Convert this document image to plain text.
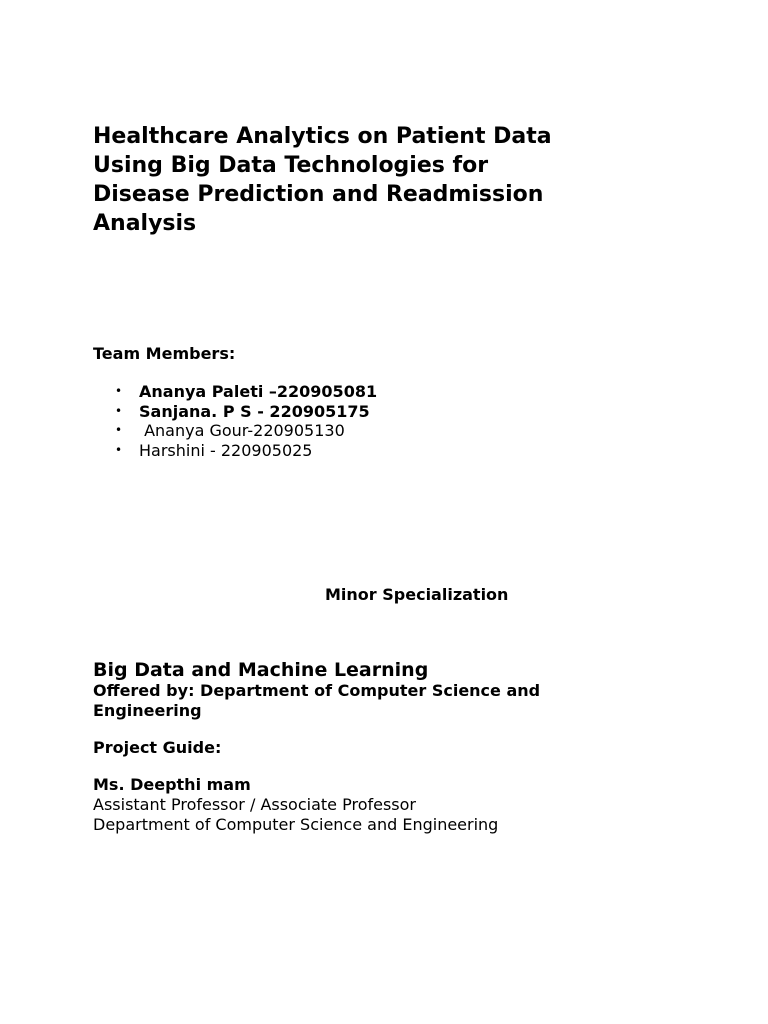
Healthcare Analytics on Patient Data
Using Big Data Technologies for
Disease Prediction and Readmission
Analysis

Team Members:

• Ananya Paleti –220905081
• Sanjana. P S - 220905175
• Ananya Gour-220905130
• Harshini - 220905025

Minor Specialization

Big Data and Machine Learning

Offered by: Department of Computer Science and Engineering

Project Guide:

Ms. Deepthi mam

Assistant Professor / Associate Professor

Department of Computer Science and Engineering
